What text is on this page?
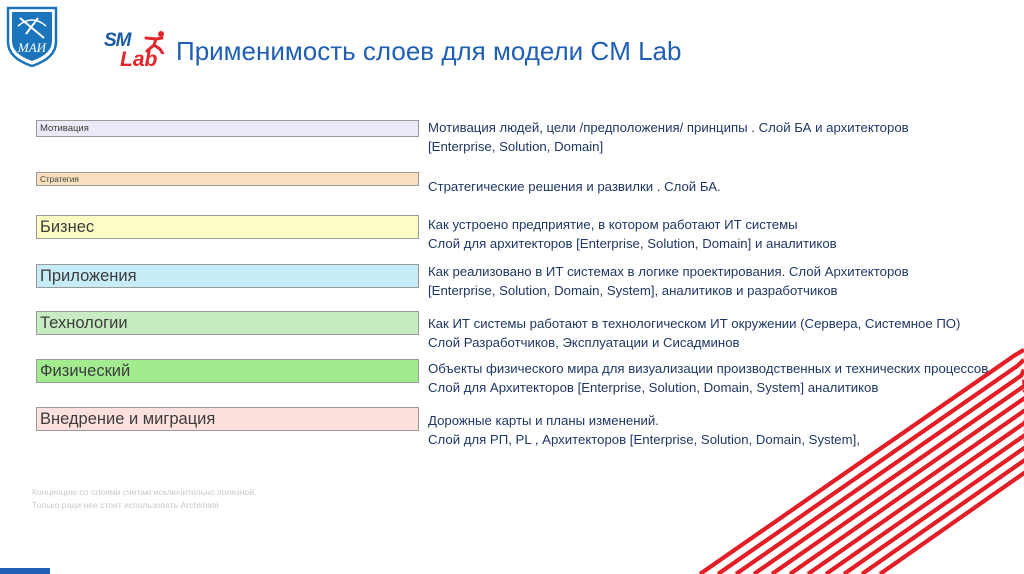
МАИ	SM
Lab Применимость слоев для модели CM Lab
Мотивация	Мотивация людей, цели /предположения/ принципы . Слой БА и архитекторов
[Enterprise, Solution, Domain]
Стратегия	Стратегические решения и развилки . Слой БА.
Бизнес	Как устроено предприятие, в котором работают ИТ системы
Слой для архитекторов [Enterprise, Solution, Domain] и аналитиков
Приложения	Как реализовано в ИТ системах в логике проектирования. Слой Архитекторов
[Enterprise, Solution, Domain, System], аналитиков и разработчиков
Технологии	Как ИТ системы работают в технологическом ИТ окружении (Сервера, Системное ПО)
Слой Разработчиков, Эксплуатации и Сисадминов
Физический	Объекты физического мира для визуализации производственных и технических процессов
Слой для Архитекторов [Enterprise, Solution, Domain, System] аналитиков
Внедрение и миграция	Дорожные карты и планы изменений.
Слой для РП, PL , Архитекторов [Enterprise, Solution, Domain, System],
Концепцию со слоями считаю исключительно полезной.
Только ради нее стоит использовать Archimate
